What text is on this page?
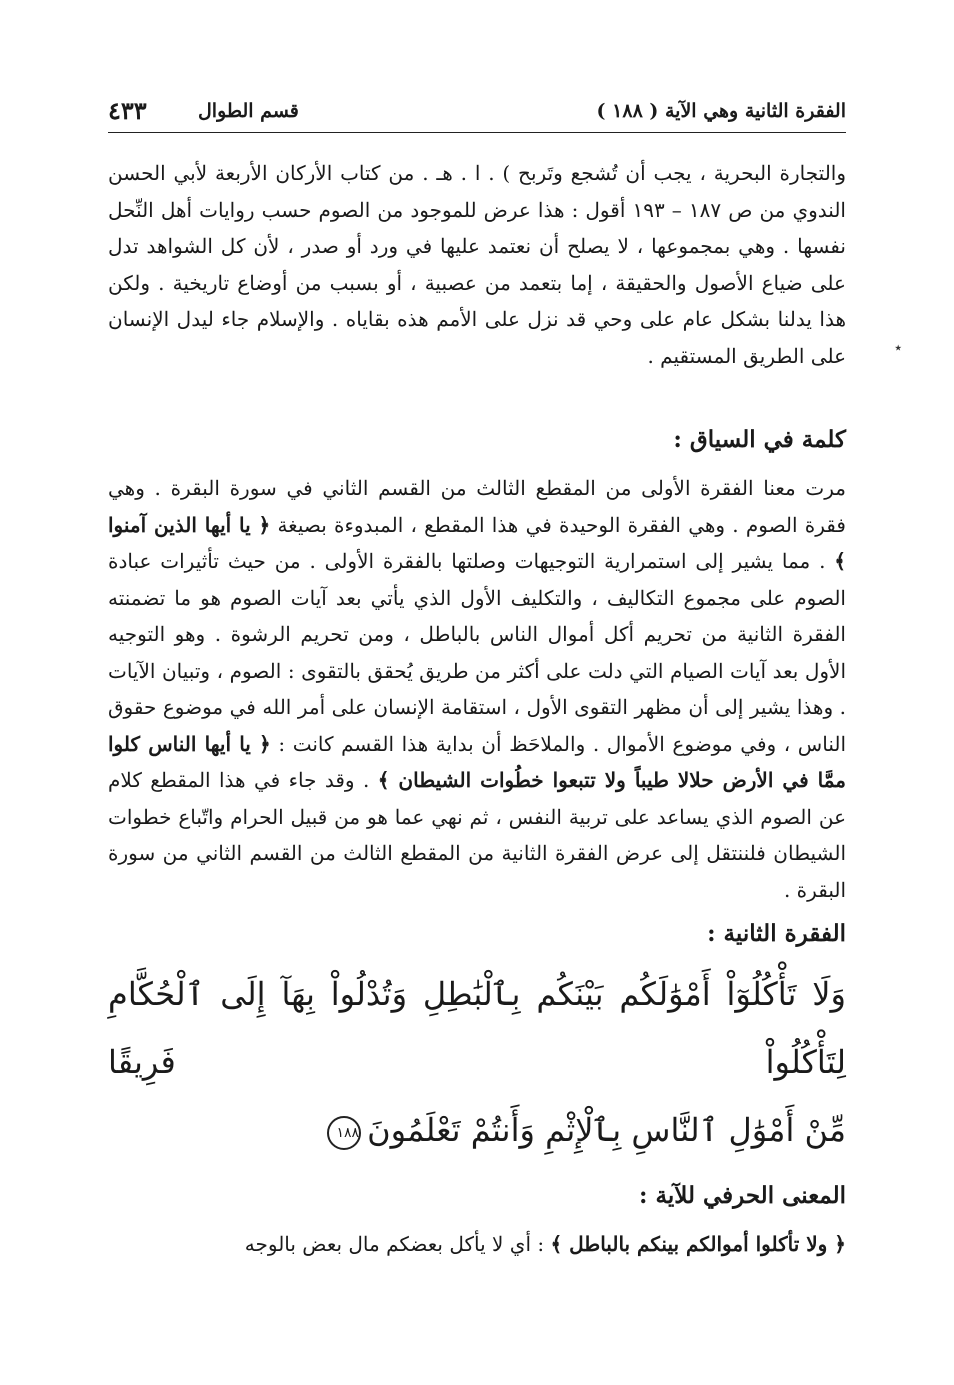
الفقرة الثانية وهي الآية ( ١٨٨ )
قسم الطوال
٤٣٣
٭

والتجارة البحرية ، يجب أن تُشجع وتَربح ) . ا . هـ . من كتاب الأركان الأربعة لأبي الحسن الندوي من ص ١٨٧ – ١٩٣ أقول : هذا عرض للموجود من الصوم حسب روايات أهل النِّحل نفسها . وهي بمجموعها ، لا يصلح أن نعتمد عليها في ورد أو صدر ، لأن كل الشواهد تدل على ضياع الأصول والحقيقة ، إما بتعمد من عصبية ، أو بسبب من أوضاع تاريخية . ولكن هذا يدلنا بشكل عام على وحي قد نزل على الأمم هذه بقاياه . والإسلام جاء ليدل الإنسان على الطريق المستقيم .

كلمة في السياق :

مرت معنا الفقرة الأولى من المقطع الثالث من القسم الثاني في سورة البقرة . وهي فقرة الصوم . وهي الفقرة الوحيدة في هذا المقطع ، المبدوءة بصيغة ﴿ يا أيها الذين آمنوا ﴾ . مما يشير إلى استمرارية التوجيهات وصلتها بالفقرة الأولى . من حيث تأثيرات عبادة الصوم على مجموع التكاليف ، والتكليف الأول الذي يأتي بعد آيات الصوم هو ما تضمنته الفقرة الثانية من تحريم أكل أموال الناس بالباطل ، ومن تحريم الرشوة . وهو التوجيه الأول بعد آيات الصيام التي دلت على أكثر من طريق يُحقق بالتقوى : الصوم ، وتبيان الآيات . وهذا يشير إلى أن مظهر التقوى الأول ، استقامة الإنسان على أمر الله في موضوع حقوق الناس ، وفي موضوع الأموال . والملاحَظ أن بداية هذا القسم كانت : ﴿ يا أيها الناس كلوا ممَّا في الأرض حلالا طيباً ولا تتبعوا خطُوات الشيطان ﴾ . وقد جاء في هذا المقطع كلام عن الصوم الذي يساعد على تربية النفس ، ثم نهي عما هو من قبيل الحرام واتّباع خطوات الشيطان فلننتقل إلى عرض الفقرة الثانية من المقطع الثالث من القسم الثاني من سورة البقرة .

الفقرة الثانية :

وَلَا تَأْكُلُوٓاْ أَمْوَٰلَكُم بَيْنَكُم بِٱلْبَٰطِلِ وَتُدْلُواْ بِهَآ إِلَى ٱلْحُكَّامِ لِتَأْكُلُواْ فَرِيقًا

مِّنْ أَمْوَٰلِ ٱلنَّاسِ بِٱلْإِثْمِ وَأَنتُمْ تَعْلَمُونَ١٨٨

المعنى الحرفي للآية :

﴿ ولا تأكلوا أموالكم بينكم بالباطل ﴾ : أي لا يأكل بعضكم مال بعض بالوجه
